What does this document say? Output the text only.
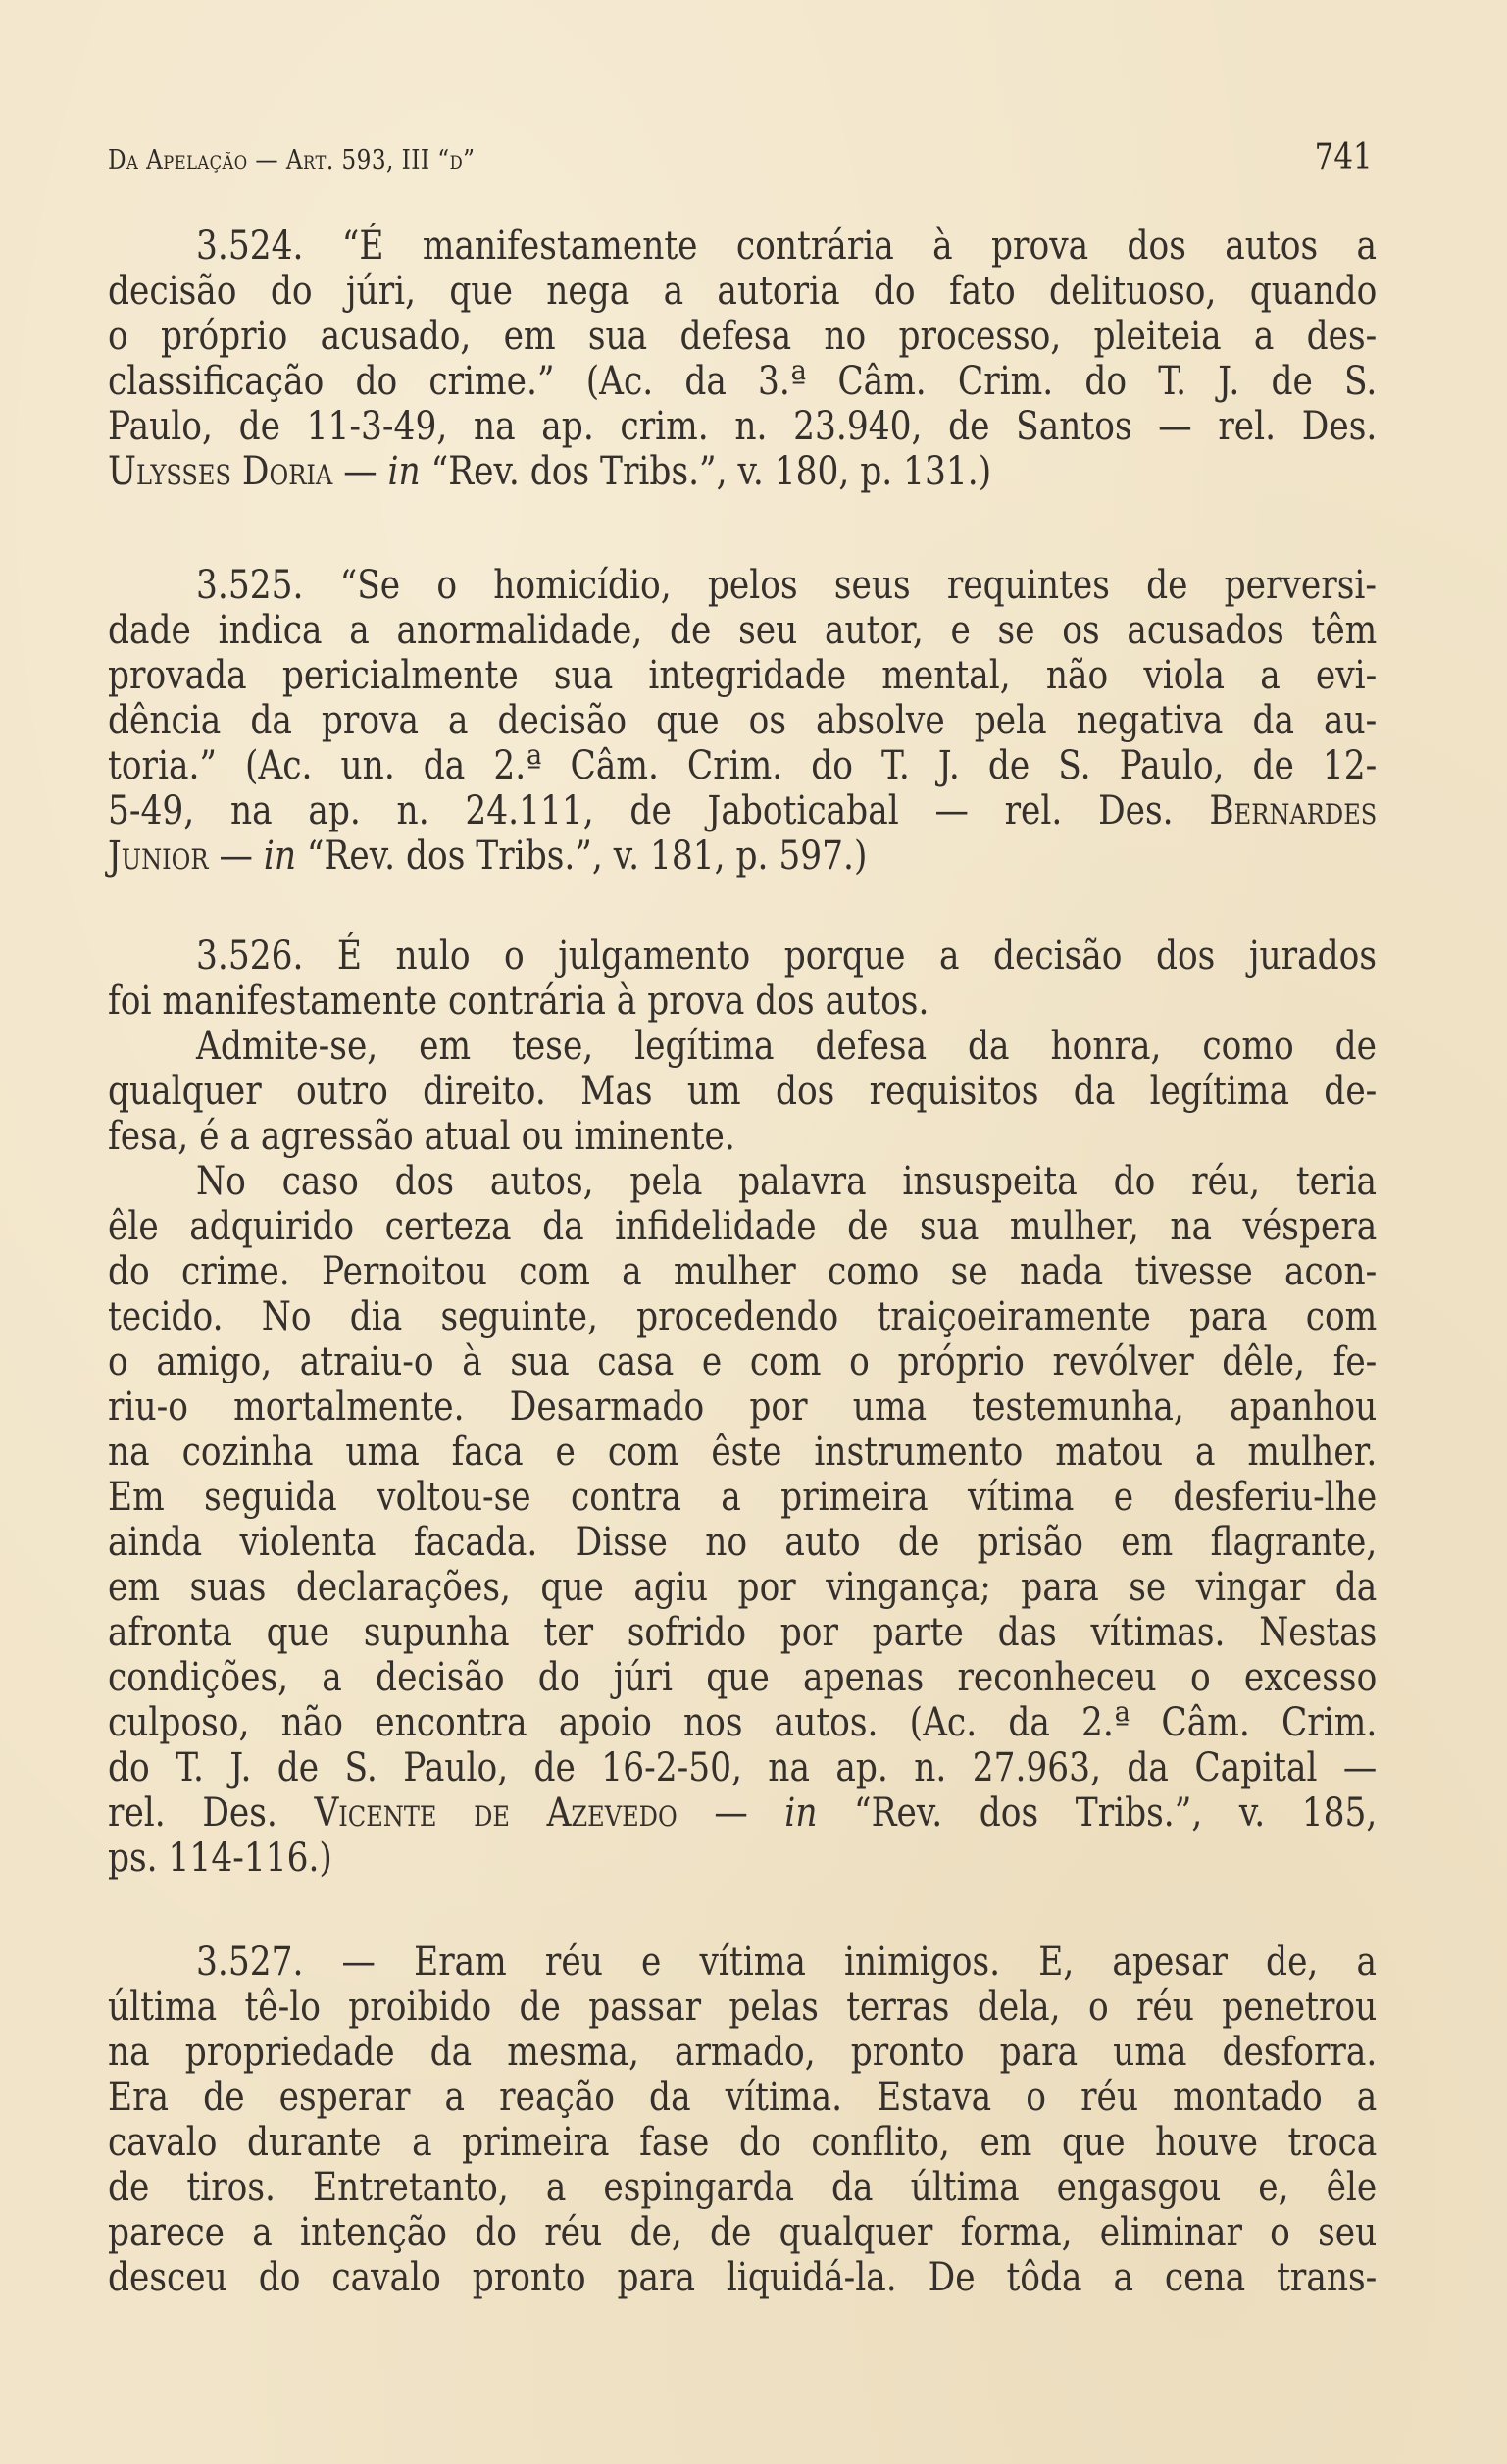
Da Apelação — Art. 593, III “d”	741
3.524. “É manifestamente contrária à prova dos autos a
decisão do júri, que nega a autoria do fato delituoso, quando
o próprio acusado, em sua defesa no processo, pleiteia a des-
classificação do crime.” (Ac. da 3.ª Câm. Crim. do T. J. de S.
Paulo, de 11-3-49, na ap. crim. n. 23.940, de Santos — rel. Des.
Ulysses Doria — in “Rev. dos Tribs.”, v. 180, p. 131.)
3.525. “Se o homicídio, pelos seus requintes de perversi-
dade indica a anormalidade, de seu autor, e se os acusados têm
provada pericialmente sua integridade mental, não viola a evi-
dência da prova a decisão que os absolve pela negativa da au-
toria.” (Ac. un. da 2.ª Câm. Crim. do T. J. de S. Paulo, de 12-
5-49, na ap. n. 24.111, de Jaboticabal — rel. Des. Bernardes
Junior — in “Rev. dos Tribs.”, v. 181, p. 597.)
3.526. É nulo o julgamento porque a decisão dos jurados
foi manifestamente contrária à prova dos autos.
Admite-se, em tese, legítima defesa da honra, como de
qualquer outro direito. Mas um dos requisitos da legítima de-
fesa, é a agressão atual ou iminente.
No caso dos autos, pela palavra insuspeita do réu, teria
êle adquirido certeza da infidelidade de sua mulher, na véspera
do crime. Pernoitou com a mulher como se nada tivesse acon-
tecido. No dia seguinte, procedendo traiçoeiramente para com
o amigo, atraiu-o à sua casa e com o próprio revólver dêle, fe-
riu-o mortalmente. Desarmado por uma testemunha, apanhou
na cozinha uma faca e com êste instrumento matou a mulher.
Em seguida voltou-se contra a primeira vítima e desferiu-lhe
ainda violenta facada. Disse no auto de prisão em flagrante,
em suas declarações, que agiu por vingança; para se vingar da
afronta que supunha ter sofrido por parte das vítimas. Nestas
condições, a decisão do júri que apenas reconheceu o excesso
culposo, não encontra apoio nos autos. (Ac. da 2.ª Câm. Crim.
do T. J. de S. Paulo, de 16-2-50, na ap. n. 27.963, da Capital —
rel. Des. Vicente de Azevedo — in “Rev. dos Tribs.”, v. 185,
ps. 114-116.)
3.527. — Eram réu e vítima inimigos. E, apesar de, a
última tê-lo proibido de passar pelas terras dela, o réu penetrou
na propriedade da mesma, armado, pronto para uma desforra.
Era de esperar a reação da vítima. Estava o réu montado a
cavalo durante a primeira fase do conflito, em que houve troca
de tiros. Entretanto, a espingarda da última engasgou e, êle
parece a intenção do réu de, de qualquer forma, eliminar o seu
desceu do cavalo pronto para liquidá-la. De tôda a cena trans-
